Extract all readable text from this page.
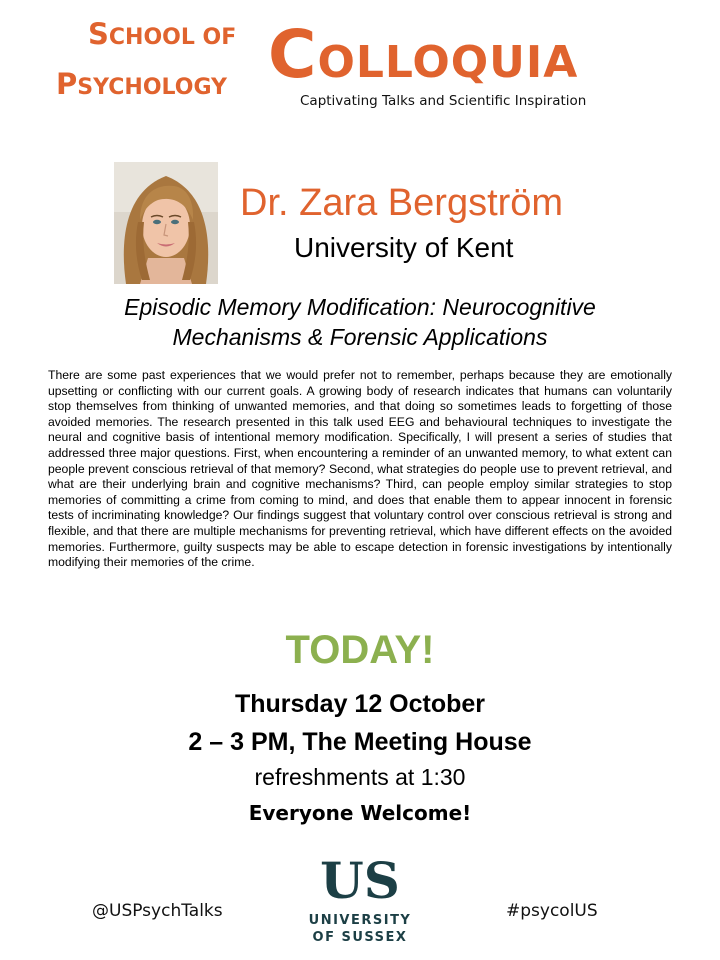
SCHOOL OF
PSYCHOLOGY COLLOQUIA
Captivating Talks and Scientific Inspiration
Dr. Zara Bergström
University of Kent
Episodic Memory Modification: Neurocognitive
Mechanisms & Forensic Applications

There are some past experiences that we would prefer not to remember, perhaps because they are emotionally upsetting or conflicting with our current goals. A growing body of research indicates that humans can voluntarily stop themselves from thinking of unwanted memories, and that doing so sometimes leads to forgetting of those avoided memories. The research presented in this talk used EEG and behavioural techniques to investigate the neural and cognitive basis of intentional memory modification. Specifically, I will present a series of studies that addressed three major questions. First, when encountering a reminder of an unwanted memory, to what extent can people prevent conscious retrieval of that memory? Second, what strategies do people use to prevent retrieval, and what are their underlying brain and cognitive mechanisms? Third, can people employ similar strategies to stop memories of committing a crime from coming to mind, and does that enable them to appear innocent in forensic tests of incriminating knowledge? Our findings suggest that voluntary control over conscious retrieval is strong and flexible, and that there are multiple mechanisms for preventing retrieval, which have different effects on the avoided memories. Furthermore, guilty suspects may be able to escape detection in forensic investigations by intentionally modifying their memories of the crime.

TODAY!
Thursday 12 October
2 – 3 PM, The Meeting House
refreshments at 1:30
Everyone Welcome!
@USPsychTalks	#psycolUS
US
UNIVERSITY
OF SUSSEX
